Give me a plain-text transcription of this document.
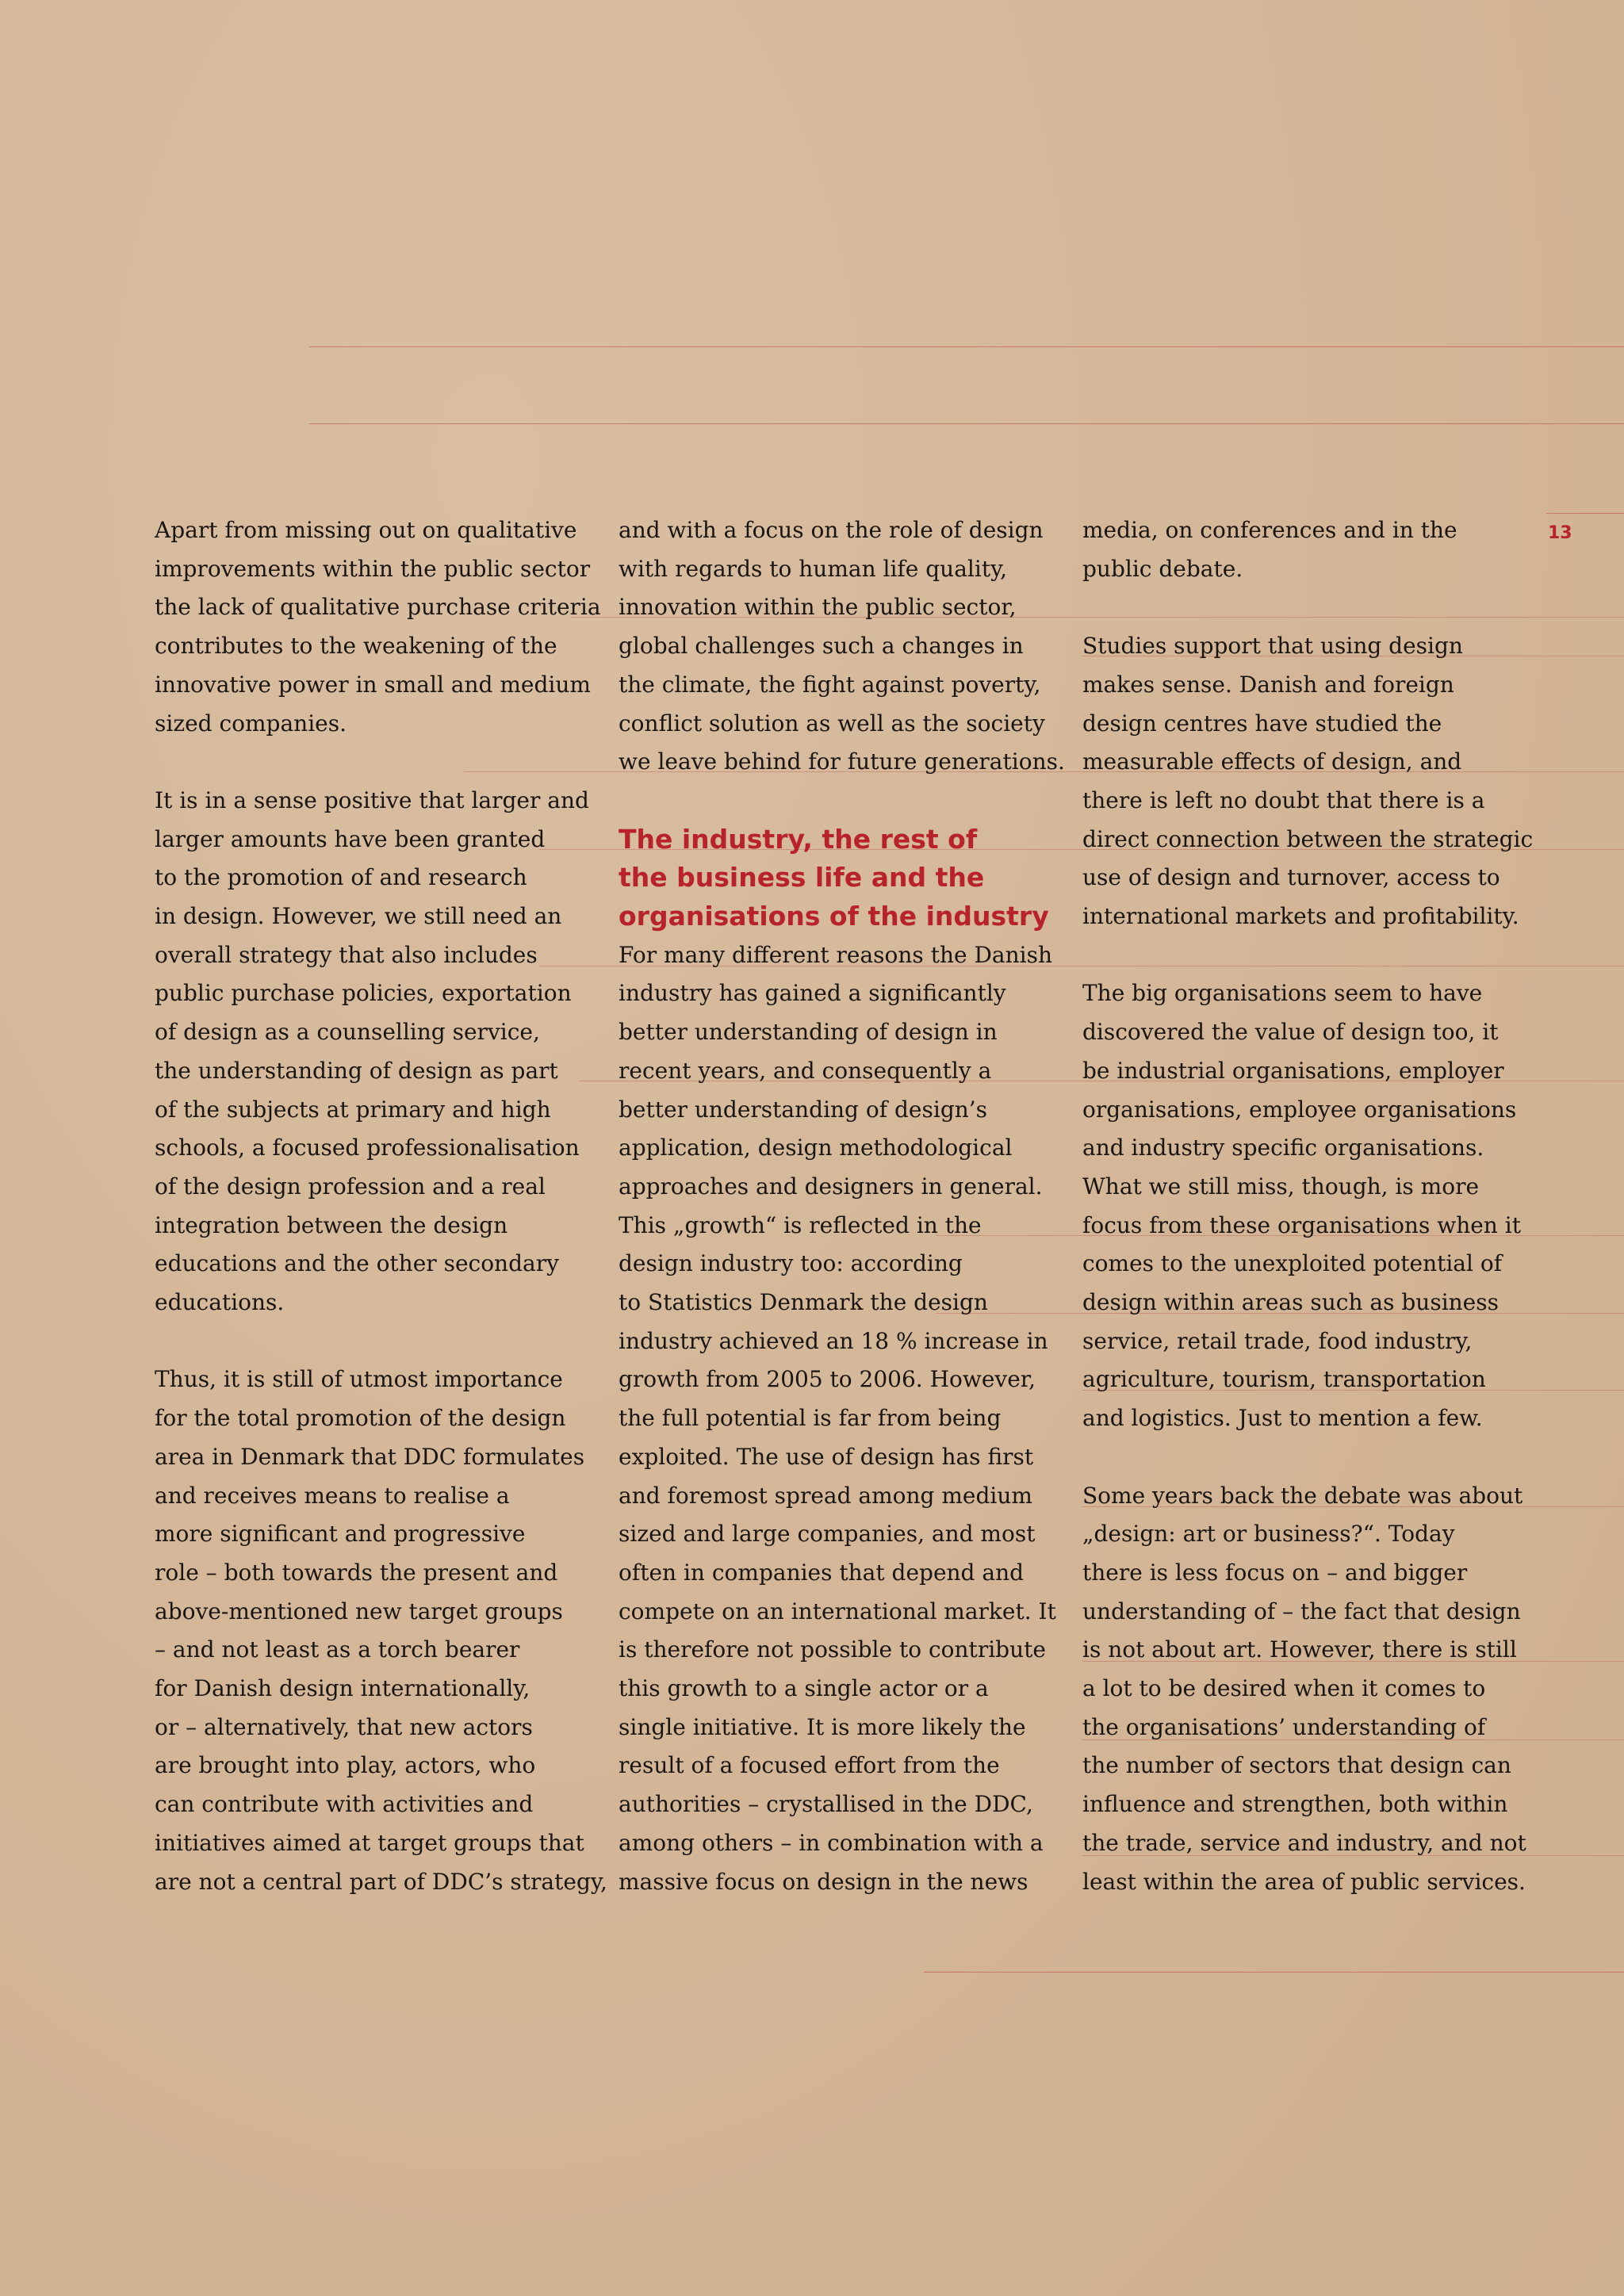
13

Apart from missing out on qualitative

improvements within the public sector

the lack of qualitative purchase criteria

contributes to the weakening of the

innovative power in small and medium

sized companies.

It is in a sense positive that larger and

larger amounts have been granted

to the promotion of and research

in design. However, we still need an

overall strategy that also includes

public purchase policies, exportation

of design as a counselling service,

the understanding of design as part

of the subjects at primary and high

schools, a focused professionalisation

of the design profession and a real

integration between the design

educations and the other secondary

educations.

Thus, it is still of utmost importance

for the total promotion of the design

area in Denmark that DDC formulates

and receives means to realise a

more significant and progressive

role – both towards the present and

above-mentioned new target groups

– and not least as a torch bearer

for Danish design internationally,

or – alternatively, that new actors

are brought into play, actors, who

can contribute with activities and

initiatives aimed at target groups that

are not a central part of DDC’s strategy,

and with a focus on the role of design

with regards to human life quality,

innovation within the public sector,

global challenges such a changes in

the climate, the fight against poverty,

conflict solution as well as the society

we leave behind for future generations.

The industry, the rest of
the business life and the
organisations of the industry

For many different reasons the Danish

industry has gained a significantly

better understanding of design in

recent years, and consequently a

better understanding of design’s

application, design methodological

approaches and designers in general.

This „growth“ is reflected in the

design industry too: according

to Statistics Denmark the design

industry achieved an 18 % increase in

growth from 2005 to 2006. However,

the full potential is far from being

exploited. The use of design has first

and foremost spread among medium

sized and large companies, and most

often in companies that depend and

compete on an international market. It

is therefore not possible to contribute

this growth to a single actor or a

single initiative. It is more likely the

result of a focused effort from the

authorities – crystallised in the DDC,

among others – in combination with a

massive focus on design in the news

media, on conferences and in the

public debate.

Studies support that using design

makes sense. Danish and foreign

design centres have studied the

measurable effects of design, and

there is left no doubt that there is a

direct connection between the strategic

use of design and turnover, access to

international markets and profitability.

The big organisations seem to have

discovered the value of design too, it

be industrial organisations, employer

organisations, employee organisations

and industry specific organisations.

What we still miss, though, is more

focus from these organisations when it

comes to the unexploited potential of

design within areas such as business

service, retail trade, food industry,

agriculture, tourism, transportation

and logistics. Just to mention a few.

Some years back the debate was about

„design: art or business?“. Today

there is less focus on – and bigger

understanding of – the fact that design

is not about art. However, there is still

a lot to be desired when it comes to

the organisations’ understanding of

the number of sectors that design can

influence and strengthen, both within

the trade, service and industry, and not

least within the area of public services.
